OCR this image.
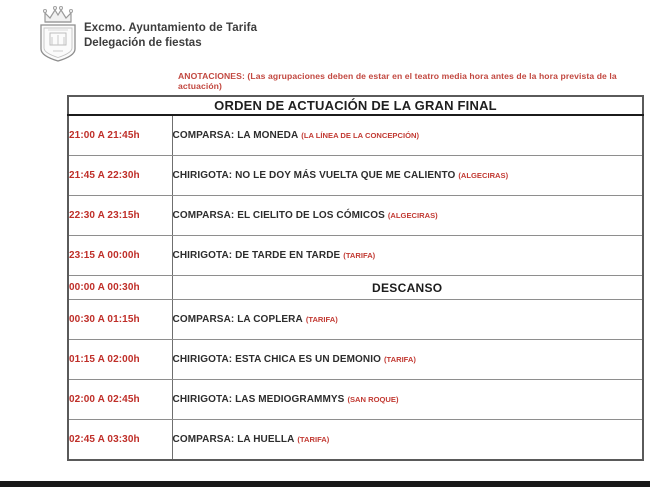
Excmo. Ayuntamiento de Tarifa
Delegación de fiestas
ANOTACIONES: (Las agrupaciones deben de estar en el teatro media hora antes de la hora prevista de la actuación)
ORDEN DE ACTUACIÓN DE LA GRAN FINAL	
21:00 A 21:45h	COMPARSA: LA MONEDA (LA LÍNEA DE LA CONCEPCIÓN)
21:45 A 22:30h	CHIRIGOTA: NO LE DOY MÁS VUELTA QUE ME CALIENTO (ALGECIRAS)
22:30 A 23:15h	COMPARSA: EL CIELITO DE LOS CÓMICOS (ALGECIRAS)
23:15 A 00:00h	CHIRIGOTA: DE TARDE EN TARDE (TARIFA)
00:00 A 00:30h	DESCANSO
00:30 A 01:15h	COMPARSA: LA COPLERA (TARIFA)
01:15 A 02:00h	CHIRIGOTA: ESTA CHICA ES UN DEMONIO (TARIFA)
02:00 A 02:45h	CHIRIGOTA: LAS MEDIOGRAMMYS (SAN ROQUE)
02:45 A 03:30h	COMPARSA: LA HUELLA (TARIFA)
